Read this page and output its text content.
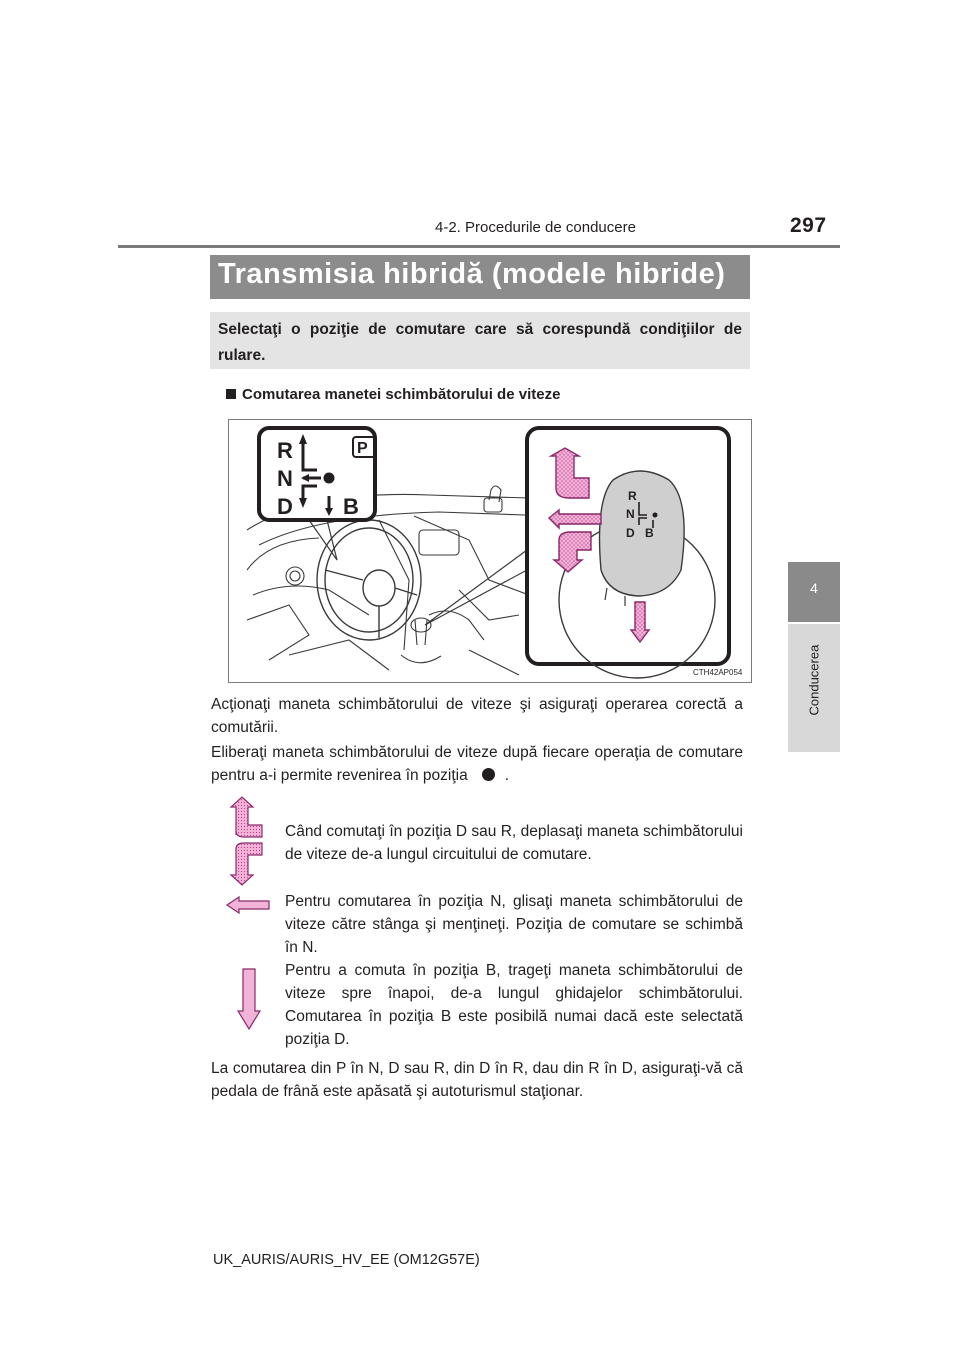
4-2. Procedurile de conducere	297
4
Conducerea
Transmisia hibridă (modele hibride)
Selectaţi o poziţie de comutare care să corespundă condiţiilor de rulare.
Comutarea manetei schimbătorului de viteze
R
N
D B
P
R
N
D B
CTH42AP054
Acţionaţi maneta schimbătorului de viteze şi asiguraţi operarea corectă a comutării.
Eliberaţi maneta schimbătorului de viteze după fiecare operaţia de comutare pentru a-i permite revenirea în poziţia .
Când comutaţi în poziţia D sau R, deplasaţi maneta schimbătorului de viteze de-a lungul circuitului de comutare.
Pentru comutarea în poziţia N, glisaţi maneta schimbătorului de viteze către stânga şi menţineţi. Poziţia de comutare se schimbă în N.
Pentru a comuta în poziţia B, trageţi maneta schimbătorului de viteze spre înapoi, de-a lungul ghidajelor schimbătorului. Comutarea în poziţia B este posibilă numai dacă este selectată poziţia D.
La comutarea din P în N, D sau R, din D în R, dau din R în D, asiguraţi-vă că pedala de frână este apăsată şi autoturismul staţionar.
UK_AURIS/AURIS_HV_EE (OM12G57E)
